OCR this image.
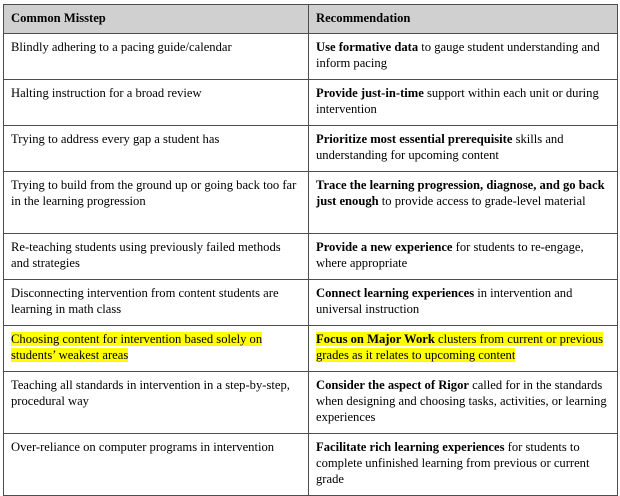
Common Misstep	Recommendation
Blindly adhering to a pacing guide/calendar	Use formative data to gauge student understanding and inform pacing
Halting instruction for a broad review	Provide just-in-time support within each unit or during intervention
Trying to address every gap a student has	Prioritize most essential prerequisite skills and understanding for upcoming content
Trying to build from the ground up or going back too far in the learning progression	Trace the learning progression, diagnose, and go back just enough to provide access to grade-level material
Re-teaching students using previously failed methods and strategies	Provide a new experience for students to re-engage, where appropriate
Disconnecting intervention from content students are learning in math class	Connect learning experiences in intervention and universal instruction
Choosing content for intervention based solely on students’ weakest areas	Focus on Major Work clusters from current or previous grades as it relates to upcoming content
Teaching all standards in intervention in a step-by-step, procedural way	Consider the aspect of Rigor called for in the standards when designing and choosing tasks, activities, or learning experiences
Over-reliance on computer programs in intervention	Facilitate rich learning experiences for students to complete unfinished learning from previous or current grade
